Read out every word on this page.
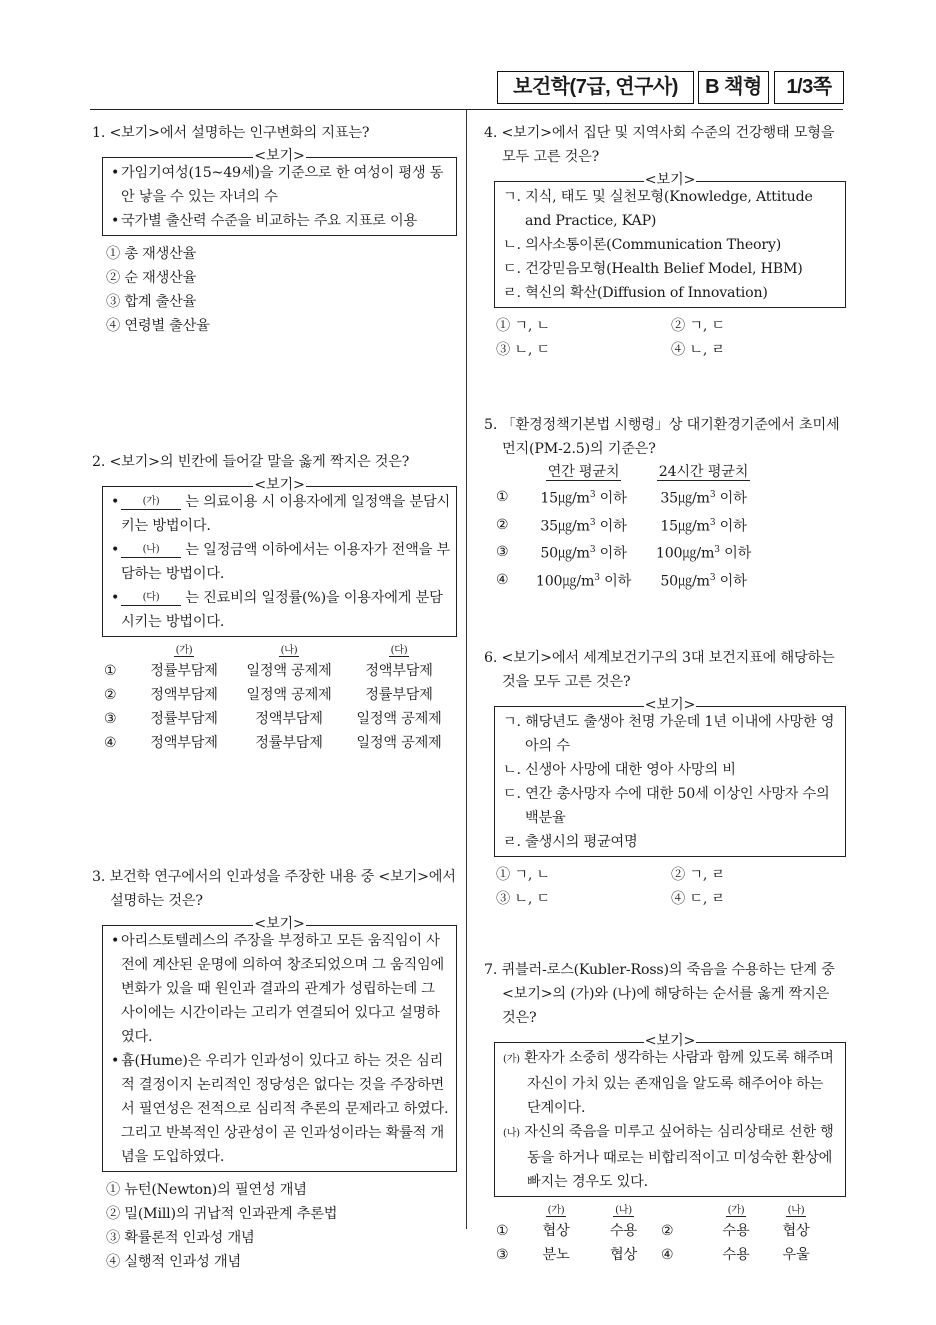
보건학(7급, 연구사)	B 책형	1/3쪽
1. <보기>에서 설명하는 인구변화의 지표는?
<보기>
• 가임기여성(15~49세)을 기준으로 한 여성이 평생 동안 낳을 수 있는 자녀의 수
• 국가별 출산력 수준을 비교하는 주요 지표로 이용
① 총 재생산율
② 순 재생산율
③ 합계 출산율
④ 연령별 출산율
2. <보기>의 빈칸에 들어갈 말을 옳게 짝지은 것은?
<보기>
• (가) 는 의료이용 시 이용자에게 일정액을 분담시키는 방법이다.
• (나) 는 일정금액 이하에서는 이용자가 전액을 부담하는 방법이다.
• (다) 는 진료비의 일정률(%)을 이용자에게 분담시키는 방법이다.
(가)	(나)	(다)
①	정률부담제	일정액 공제제	정액부담제
②	정액부담제	일정액 공제제	정률부담제
③	정률부담제	정액부담제	일정액 공제제
④	정액부담제	정률부담제	일정액 공제제
3. 보건학 연구에서의 인과성을 주장한 내용 중 <보기>에서 설명하는 것은?
<보기>
• 아리스토텔레스의 주장을 부정하고 모든 움직임이 사전에 계산된 운명에 의하여 창조되었으며 그 움직임에 변화가 있을 때 원인과 결과의 관계가 성립하는데 그 사이에는 시간이라는 고리가 연결되어 있다고 설명하였다.
• 흄(Hume)은 우리가 인과성이 있다고 하는 것은 심리적 결정이지 논리적인 정당성은 없다는 것을 주장하면서 필연성은 전적으로 심리적 추론의 문제라고 하였다. 그리고 반복적인 상관성이 곧 인과성이라는 확률적 개념을 도입하였다.
① 뉴턴(Newton)의 필연성 개념
② 밀(Mill)의 귀납적 인과관계 추론법
③ 확률론적 인과성 개념
④ 실행적 인과성 개념
4. <보기>에서 집단 및 지역사회 수준의 건강행태 모형을 모두 고른 것은?
<보기>
ㄱ. 지식, 태도 및 실천모형(Knowledge, Attitude and Practice, KAP)
ㄴ. 의사소통이론(Communication Theory)
ㄷ. 건강믿음모형(Health Belief Model, HBM)
ㄹ. 혁신의 확산(Diffusion of Innovation)
① ㄱ, ㄴ	② ㄱ, ㄷ
③ ㄴ, ㄷ	④ ㄴ, ㄹ
5. 「환경정책기본법 시행령」상 대기환경기준에서 초미세먼지(PM-2.5)의 기준은?
연간 평균치	24시간 평균치
①	$15㎍/m^3$ 이하	$35㎍/m^3$ 이하
②	$35㎍/m^3$ 이하	$15㎍/m^3$ 이하
③	$50㎍/m^3$ 이하	$100㎍/m^3$ 이하
④	$100㎍/m^3$ 이하	$50㎍/m^3$ 이하
6. <보기>에서 세계보건기구의 3대 보건지표에 해당하는 것을 모두 고른 것은?
<보기>
ㄱ. 해당년도 출생아 천명 가운데 1년 이내에 사망한 영아의 수
ㄴ. 신생아 사망에 대한 영아 사망의 비
ㄷ. 연간 총사망자 수에 대한 50세 이상인 사망자 수의 백분율
ㄹ. 출생시의 평균여명
① ㄱ, ㄴ	② ㄱ, ㄹ
③ ㄴ, ㄷ	④ ㄷ, ㄹ
7. 퀴블러-로스(Kubler-Ross)의 죽음을 수용하는 단계 중 <보기>의 (가)와 (나)에 해당하는 순서를 옳게 짝지은 것은?
<보기>
(가) 환자가 소중히 생각하는 사람과 함께 있도록 해주며 자신이 가치 있는 존재임을 알도록 해주어야 하는 단계이다.
(나) 자신의 죽음을 미루고 싶어하는 심리상태로 선한 행동을 하거나 때로는 비합리적이고 미성숙한 환상에 빠지는 경우도 있다.
(가)	(나)	(가)	(나)
①	협상	수용	②	수용	협상
③	분노	협상	④	수용	우울
